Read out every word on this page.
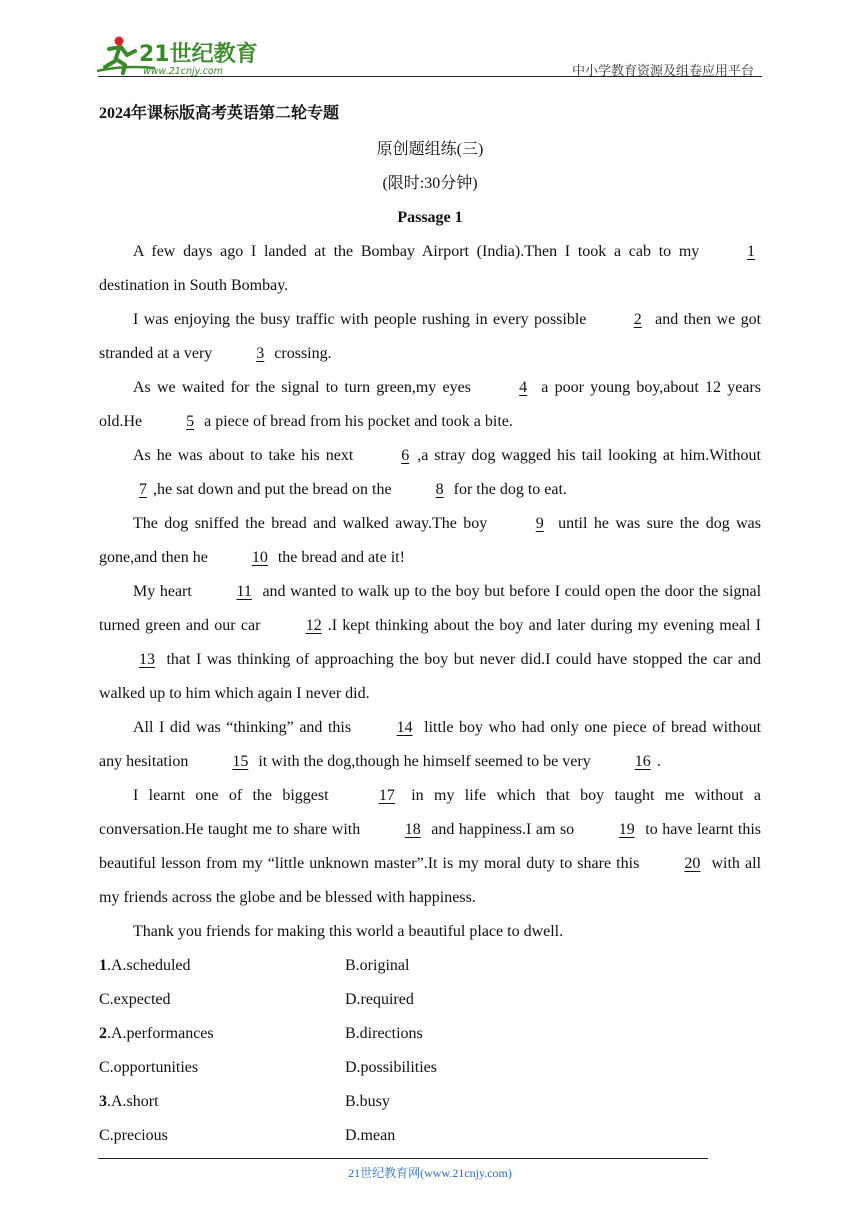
21世纪教育
www.21cnjy.com	中小学教育资源及组卷应用平台

2024年课标版高考英语第二轮专题

原创题组练(三)

(限时:30分钟)

Passage 1

A few days ago I landed at the Bombay Airport (India).Then I took a cab to my	1 destination in South Bombay.

I was enjoying the busy traffic with people rushing in every possible	2 and then we got stranded at a very	3 crossing.

As we waited for the signal to turn green,my eyes	4 a poor young boy,about 12 years old.He	5 a piece of bread from his pocket and took a bite.

As he was about to take his next	6 ,a stray dog wagged his tail looking at him.Without 7 ,he sat down and put the bread on the	8 for the dog to eat.

The dog sniffed the bread and walked away.The boy	9 until he was sure the dog was gone,and then he	10 the bread and ate it!

My heart	11 and wanted to walk up to the boy but before I could open the door the signal turned green and our car	12 .I kept thinking about the boy and later during my evening meal I 13 that I was thinking of approaching the boy but never did.I could have stopped the car and walked up to him which again I never did.

All I did was “thinking” and this	14 little boy who had only one piece of bread without any hesitation	15 it with the dog,though he himself seemed to be very	16 .

I learnt one of the biggest	17 in my life which that boy taught me without a conversation.He taught me to share with	18 and happiness.I am so	19 to have learnt this beautiful lesson from my “little unknown master”.It is my moral duty to share this	20 with all my friends across the globe and be blessed with happiness.

Thank you friends for making this world a beautiful place to dwell.

1.A.scheduled	B.original
C.expected	D.required
2.A.performances	B.directions
C.opportunities	D.possibilities
3.A.short	B.busy
C.precious	D.mean
21世纪教育网(www.21cnjy.com)
